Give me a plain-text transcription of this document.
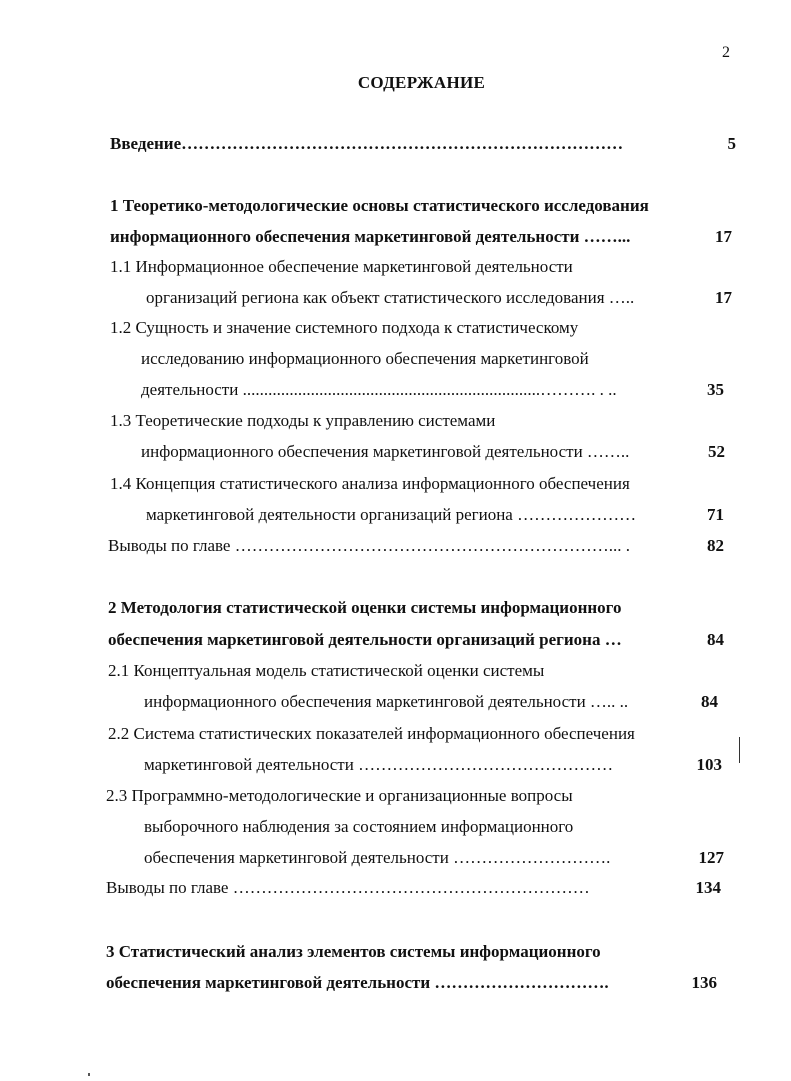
2
СОДЕРЖАНИЕ
Введение……………………………………………………………………	5
1 Теоретико-методологические основы статистического исследования
информационного обеспечения маркетинговой деятельности ……...	17
1.1 Информационное обеспечение маркетинговой деятельности
организаций региона как объект статистического исследования …..	17
1.2 Сущность и значение системного подхода к статистическому
исследованию информационного обеспечения маркетинговой
деятельности ......................................................................………. . ..	35
1.3 Теоретические подходы к управлению системами
информационного обеспечения маркетинговой деятельности ……..	52
1.4 Концепция статистического анализа информационного обеспечения
маркетинговой деятельности организаций региона …………………	71
Выводы по главе …………………………………………………………... .	82
2 Методология статистической оценки системы информационного
обеспечения маркетинговой деятельности организаций региона …	84
2.1 Концептуальная модель статистической оценки системы
информационного обеспечения маркетинговой деятельности ….. ..	84
2.2 Система статистических показателей информационного обеспечения
маркетинговой деятельности ………………………………………	103
2.3 Программно-методологические и организационные вопросы
выборочного наблюдения за состоянием информационного
обеспечения маркетинговой деятельности ……………………….	127
Выводы по главе ………………………………………………………	134
3 Статистический анализ элементов системы информационного
обеспечения маркетинговой деятельности ………………………….	136
